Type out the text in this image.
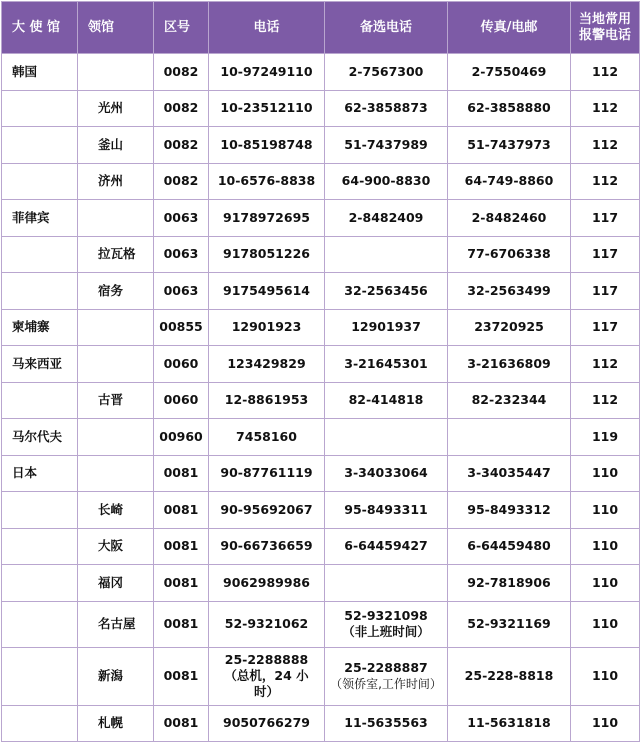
大 使 馆	领馆	区号	电话	备选电话	传真/电邮	当地常用
报警电话

韩国		0082	10-97249110	2-7567300	2-7550469	112
	光州	0082	10-23512110	62-3858873	62-3858880	112
	釜山	0082	10-85198748	51-7437989	51-7437973	112
	济州	0082	10-6576-8838	64-900-8830	64-749-8860	112
菲律宾		0063	9178972695	2-8482409	2-8482460	117
	拉瓦格	0063	9178051226		77-6706338	117
	宿务	0063	9175495614	32-2563456	32-2563499	117
柬埔寨		00855	12901923	12901937	23720925	117
马来西亚		0060	123429829	3-21645301	3-21636809	112
	古晋	0060	12-8861953	82-414818	82-232344	112
马尔代夫		00960	7458160			119
日本		0081	90-87761119	3-34033064	3-34035447	110
	长崎	0081	90-95692067	95-8493311	95-8493312	110
	大阪	0081	90-66736659	6-64459427	6-64459480	110
	福冈	0081	9062989986		92-7818906	110
	名古屋	0081	52-9321062	52-9321098
（非上班时间）	52-9321169	110
	新潟	0081	25-2288888
（总机，24 小
时）	25-2288887
（领侨室,工作时间）	25-228-8818	110
	札幌	0081	9050766279	11-5635563	11-5631818	110
